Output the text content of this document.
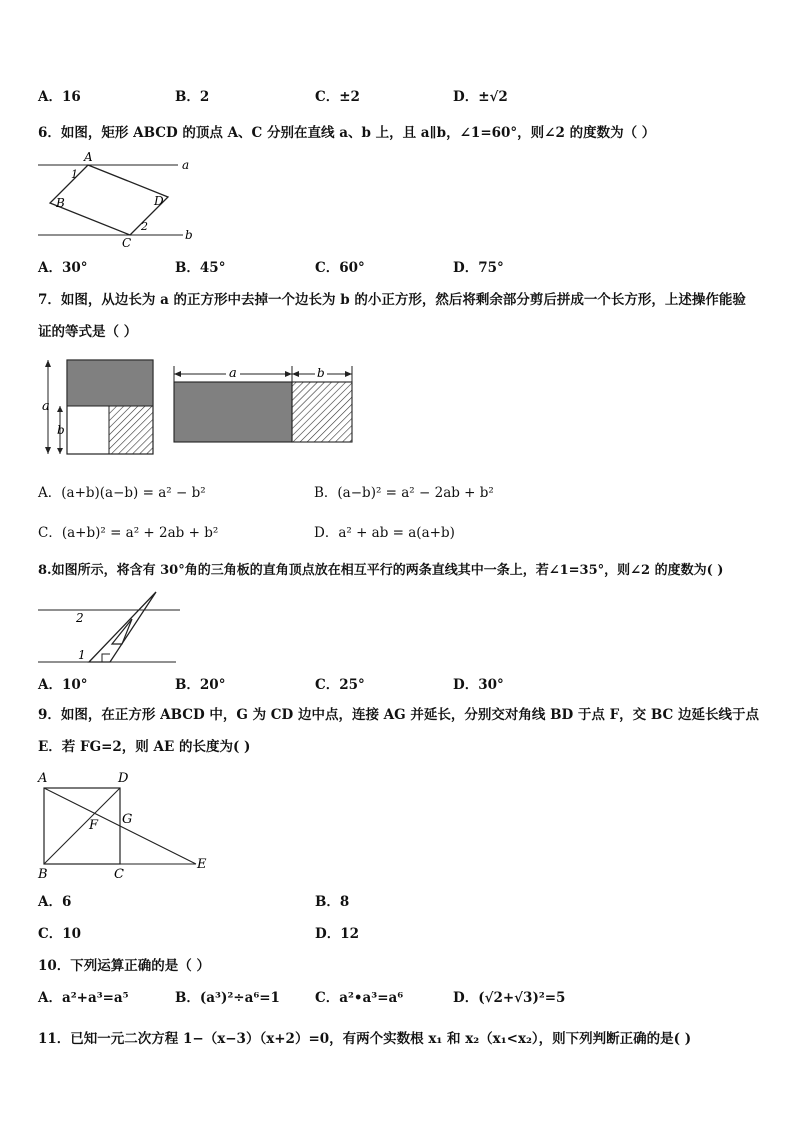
A．16	B．2	C．±2	D．±√2
6．如图，矩形 ABCD 的顶点 A、C 分别在直线 a、b 上，且 a∥b，∠1=60°，则∠2 的度数为（ ）
A
B
C
D
1
2
a
b
A．30°	B．45°	C．60°	D．75°
7．如图，从边长为 a 的正方形中去掉一个边长为 b 的小正方形，然后将剩余部分剪后拼成一个长方形，上述操作能验
证的等式是（ ）
a
b
a	b
A．(a+b)(a−b) = a² − b²	B．(a−b)² = a² − 2ab + b²
C．(a+b)² = a² + 2ab + b²	D．a² + ab = a(a+b)
8.如图所示，将含有 30°角的三角板的直角顶点放在相互平行的两条直线其中一条上，若∠1=35°，则∠2 的度数为( )
2
1
A．10°	B．20°	C．25°	D．30°
9．如图，在正方形 ABCD 中，G 为 CD 边中点，连接 AG 并延长，分别交对角线 BD 于点 F，交 BC 边延长线于点
E．若 FG=2，则 AE 的长度为( )
A	D
B	C
E
F G
A．6	B．8
C．10	D．12
10．下列运算正确的是（ ）
A．a²+a³=a⁵	B．(a³)²÷a⁶=1	C．a²•a³=a⁶	D．(√2+√3)²=5
11．已知一元二次方程 1−（x−3）（x+2）=0，有两个实数根 x₁ 和 x₂（x₁<x₂），则下列判断正确的是( )
